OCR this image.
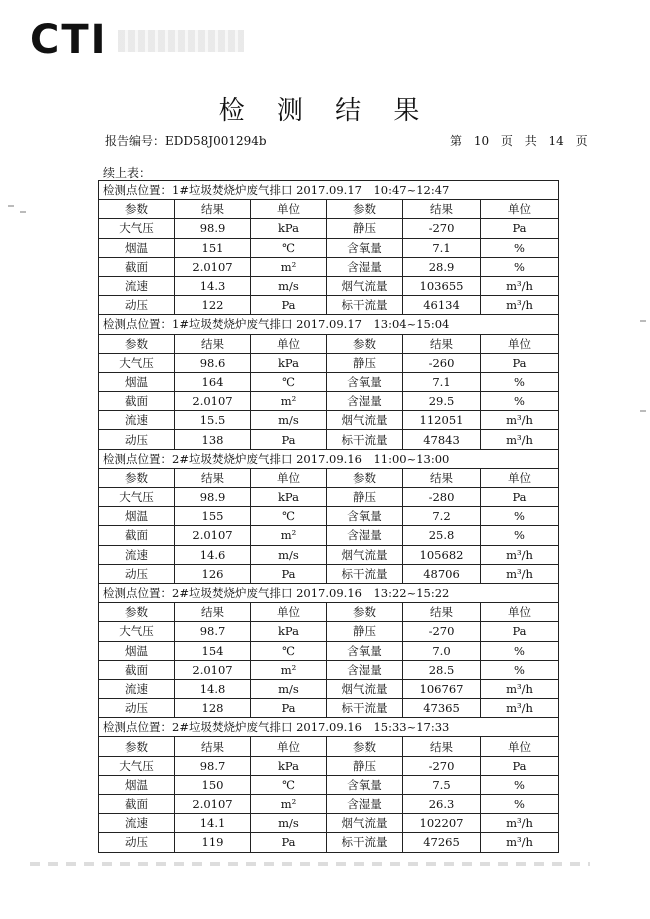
CTI
检 测 结 果
报告编号：EDD58J001294b	第 10 页 共 14 页
续上表：
检测点位置：1#垃圾焚烧炉废气排口 2017.09.17　10:47~12:47					
参数	结果	单位	参数	结果	单位
大气压	98.9	kPa	静压	-270	Pa
烟温	151	℃	含氧量	7.1	%
截面	2.0107	m²	含湿量	28.9	%
流速	14.3	m/s	烟气流量	103655	m³/h
动压	122	Pa	标干流量	46134	m³/h
检测点位置：1#垃圾焚烧炉废气排口 2017.09.17　13:04~15:04					
参数	结果	单位	参数	结果	单位
大气压	98.6	kPa	静压	-260	Pa
烟温	164	℃	含氧量	7.1	%
截面	2.0107	m²	含湿量	29.5	%
流速	15.5	m/s	烟气流量	112051	m³/h
动压	138	Pa	标干流量	47843	m³/h
检测点位置：2#垃圾焚烧炉废气排口 2017.09.16　11:00~13:00					
参数	结果	单位	参数	结果	单位
大气压	98.9	kPa	静压	-280	Pa
烟温	155	℃	含氧量	7.2	%
截面	2.0107	m²	含湿量	25.8	%
流速	14.6	m/s	烟气流量	105682	m³/h
动压	126	Pa	标干流量	48706	m³/h
检测点位置：2#垃圾焚烧炉废气排口 2017.09.16　13:22~15:22					
参数	结果	单位	参数	结果	单位
大气压	98.7	kPa	静压	-270	Pa
烟温	154	℃	含氧量	7.0	%
截面	2.0107	m²	含湿量	28.5	%
流速	14.8	m/s	烟气流量	106767	m³/h
动压	128	Pa	标干流量	47365	m³/h
检测点位置：2#垃圾焚烧炉废气排口 2017.09.16　15:33~17:33					
参数	结果	单位	参数	结果	单位
大气压	98.7	kPa	静压	-270	Pa
烟温	150	℃	含氧量	7.5	%
截面	2.0107	m²	含湿量	26.3	%
流速	14.1	m/s	烟气流量	102207	m³/h
动压	119	Pa	标干流量	47265	m³/h
